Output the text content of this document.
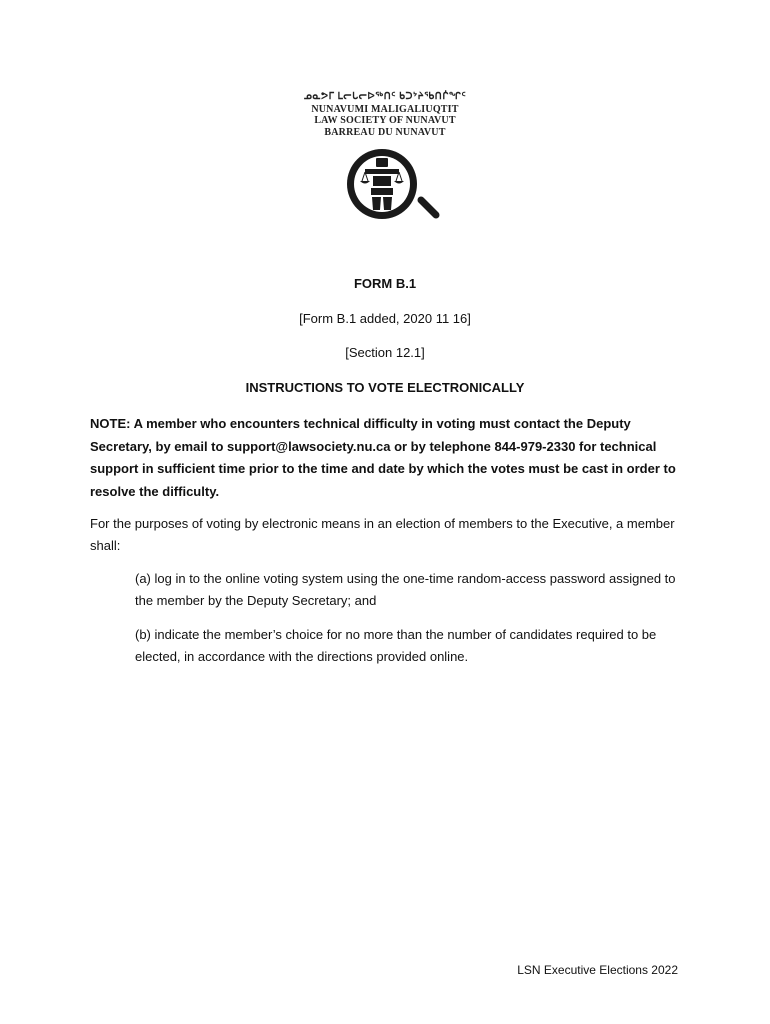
ᓄᓇᕗᒥ ᒪᓕᒐᓕᐅᖅᑎᑦ ᑲᑐᔾᔨᖃᑎᒌᖏᑦ
NUNAVUMI MALIGALIUQTIT
LAW SOCIETY OF NUNAVUT
BARREAU DU NUNAVUT
FORM B.1
[Form B.1 added, 2020 11 16]
[Section 12.1]
INSTRUCTIONS TO VOTE ELECTRONICALLY
NOTE: A member who encounters technical difficulty in voting must contact the Deputy Secretary, by email to support@lawsociety.nu.ca or by telephone 844-979-2330 for technical support in sufficient time prior to the time and date by which the votes must be cast in order to resolve the difficulty.
For the purposes of voting by electronic means in an election of members to the Executive, a member shall:
(a) log in to the online voting system using the one-time random-access password assigned to the member by the Deputy Secretary; and
(b) indicate the member’s choice for no more than the number of candidates required to be elected, in accordance with the directions provided online.
LSN Executive Elections 2022
